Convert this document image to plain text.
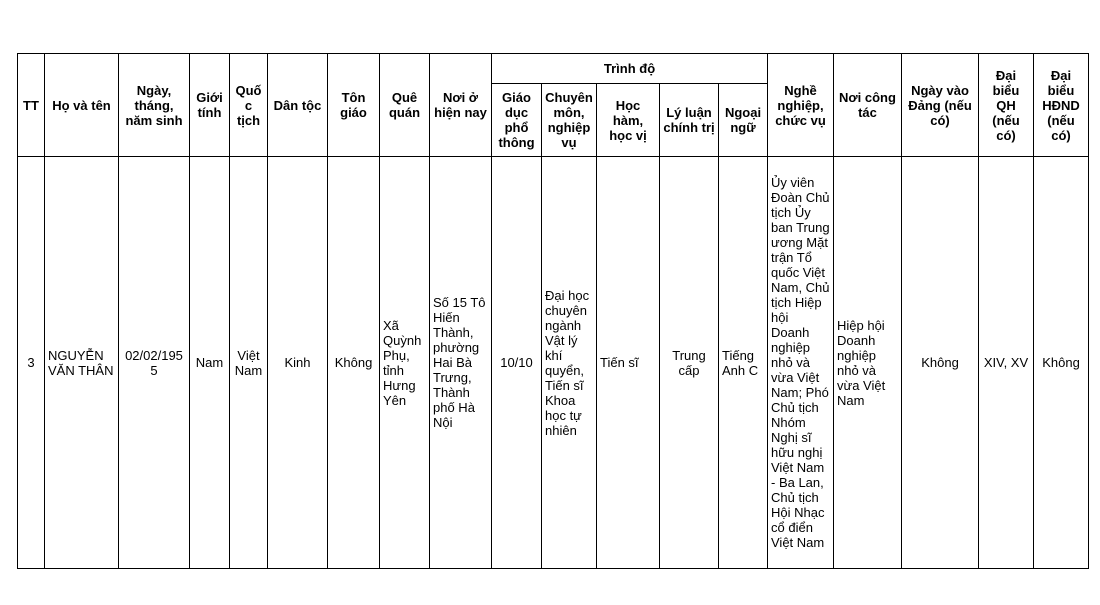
TT	Họ và tên	Ngày, tháng, năm sinh	Giới tính	Quốc tịch	Dân tộc	Tôn giáo	Quê quán	Nơi ở hiện nay	Trình độ					Nghề nghiệp, chức vụ	Nơi công tác	Ngày vào Đảng (nếu có)	Đại biểu QH (nếu có)	Đại biểu HĐND (nếu có)
									Giáo dục phổ thông	Chuyên môn, nghiệp vụ	Học hàm, học vị	Lý luận chính trị	Ngoại ngữ					
3	NGUYỄN VĂN THÂN	02/02/1955	Nam	Việt Nam	Kinh	Không	Xã Quỳnh Phụ, tỉnh Hưng Yên	Số 15 Tô Hiến Thành, phường Hai Bà Trưng, Thành phố Hà Nội	10/10	Đại học chuyên ngành Vật lý khí quyển, Tiến sĩ Khoa học tự nhiên	Tiến sĩ	Trung cấp	Tiếng Anh C	Ủy viên Đoàn Chủ tịch Ủy ban Trung ương Mặt trận Tổ quốc Việt Nam, Chủ tịch Hiệp hội Doanh nghiệp nhỏ và vừa Việt Nam; Phó Chủ tịch Nhóm Nghị sĩ hữu nghị Việt Nam - Ba Lan, Chủ tịch Hội Nhạc cổ điển Việt Nam	Hiệp hội Doanh nghiệp nhỏ và vừa Việt Nam	Không	XIV, XV	Không
